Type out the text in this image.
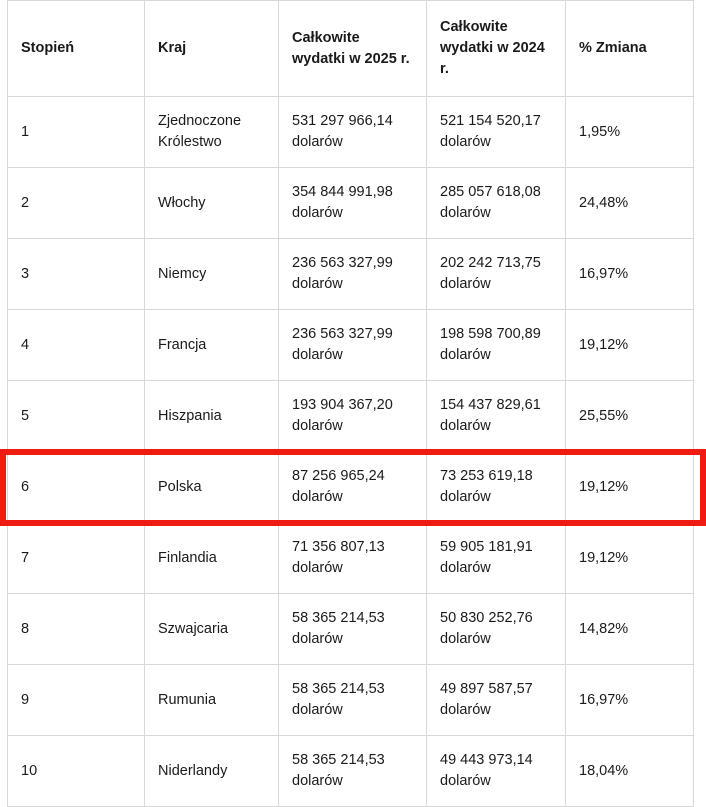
Stopień	Kraj	Całkowite wydatki w 2025 r.	Całkowite wydatki w 2024 r.	% Zmiana
1	Zjednoczone Królestwo	531 297 966,14 dolarów	521 154 520,17 dolarów	1,95%
2	Włochy	354 844 991,98 dolarów	285 057 618,08 dolarów	24,48%
3	Niemcy	236 563 327,99 dolarów	202 242 713,75 dolarów	16,97%
4	Francja	236 563 327,99 dolarów	198 598 700,89 dolarów	19,12%
5	Hiszpania	193 904 367,20 dolarów	154 437 829,61 dolarów	25,55%
6	Polska	87 256 965,24 dolarów	73 253 619,18 dolarów	19,12%
7	Finlandia	71 356 807,13 dolarów	59 905 181,91 dolarów	19,12%
8	Szwajcaria	58 365 214,53 dolarów	50 830 252,76 dolarów	14,82%
9	Rumunia	58 365 214,53 dolarów	49 897 587,57 dolarów	16,97%
10	Niderlandy	58 365 214,53 dolarów	49 443 973,14 dolarów	18,04%
